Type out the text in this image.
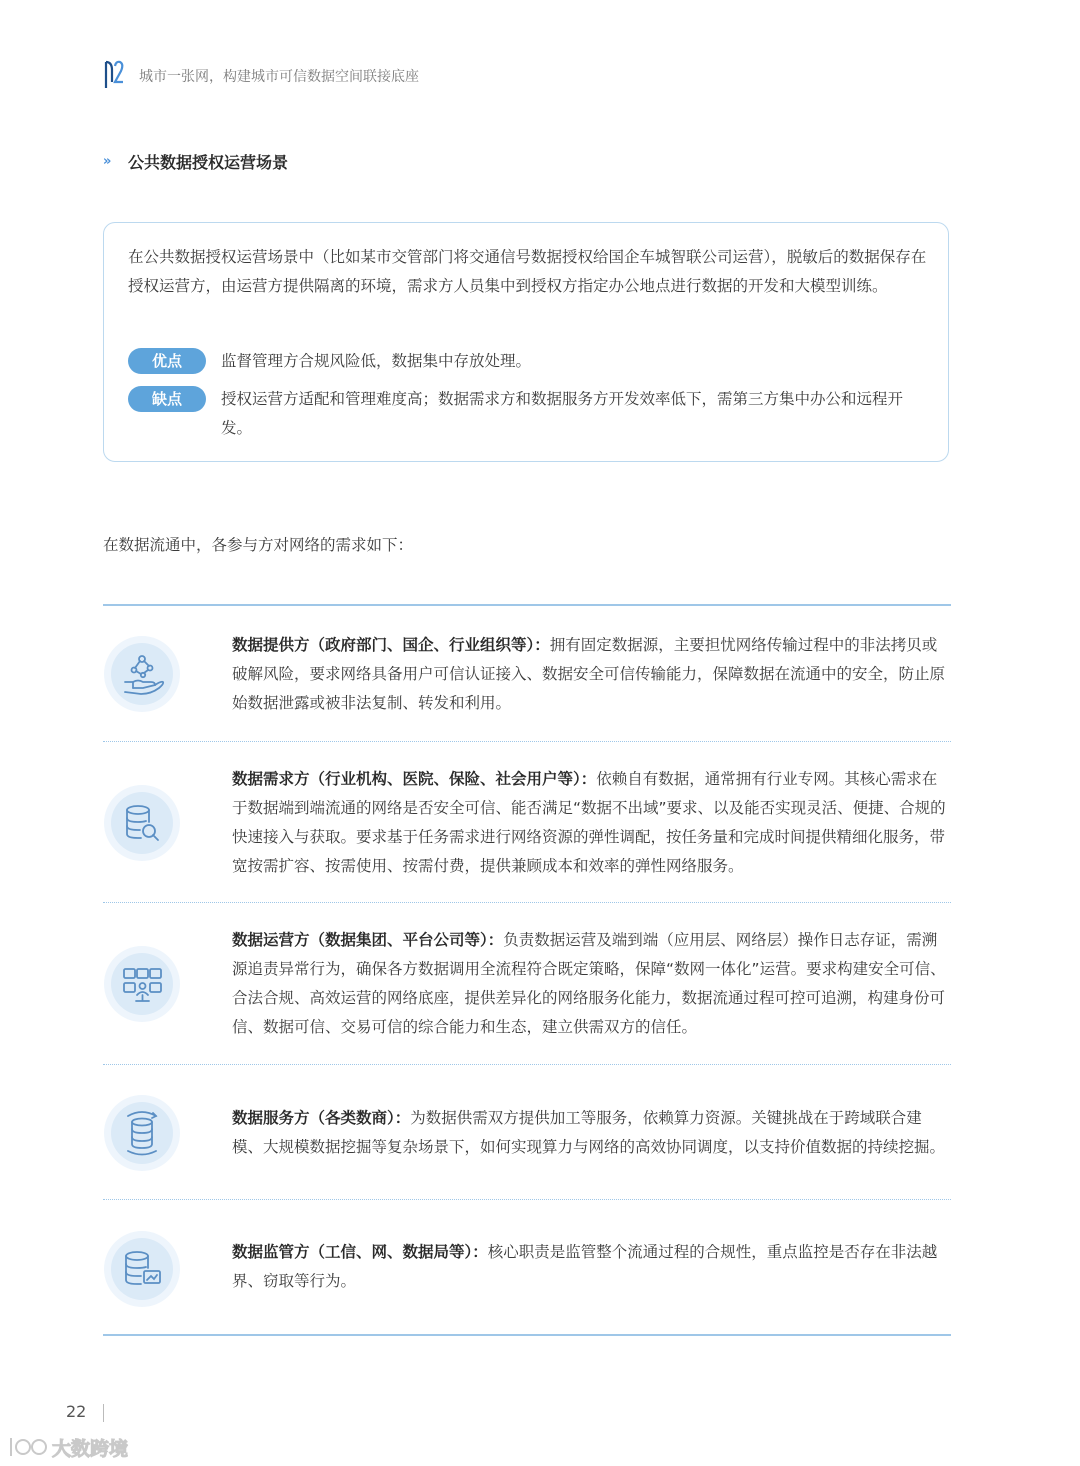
城市一张网，构建城市可信数据空间联接底座
» 公共数据授权运营场景
在公共数据授权运营场景中（比如某市交管部门将交通信号数据授权给国企车城智联公司运营），脱敏后的数据保存在授权运营方，由运营方提供隔离的环境，需求方人员集中到授权方指定办公地点进行数据的开发和大模型训练。
优点	监督管理方合规风险低，数据集中存放处理。
缺点	授权运营方适配和管理难度高；数据需求方和数据服务方开发效率低下，需第三方集中办公和远程开发。
在数据流通中，各参与方对网络的需求如下：
数据提供方（政府部门、国企、行业组织等）：拥有固定数据源，主要担忧网络传输过程中的非法拷贝或破解风险，要求网络具备用户可信认证接入、数据安全可信传输能力，保障数据在流通中的安全，防止原始数据泄露或被非法复制、转发和利用。
数据需求方（行业机构、医院、保险、社会用户等）：依赖自有数据，通常拥有行业专网。其核心需求在于数据端到端流通的网络是否安全可信、能否满足“数据不出域”要求、以及能否实现灵活、便捷、合规的快速接入与获取。要求基于任务需求进行网络资源的弹性调配，按任务量和完成时间提供精细化服务，带宽按需扩容、按需使用、按需付费，提供兼顾成本和效率的弹性网络服务。
数据运营方（数据集团、平台公司等）：负责数据运营及端到端（应用层、网络层）操作日志存证，需溯源追责异常行为，确保各方数据调用全流程符合既定策略，保障“数网一体化”运营。要求构建安全可信、合法合规、高效运营的网络底座，提供差异化的网络服务化能力，数据流通过程可控可追溯，构建身份可信、数据可信、交易可信的综合能力和生态，建立供需双方的信任。
数据服务方（各类数商）：为数据供需双方提供加工等服务，依赖算力资源。关键挑战在于跨域联合建模、大规模数据挖掘等复杂场景下，如何实现算力与网络的高效协同调度，以支持价值数据的持续挖掘。
数据监管方（工信、网、数据局等）：核心职责是监管整个流通过程的合规性，重点监控是否存在非法越界、窃取等行为。
22
大数跨境
